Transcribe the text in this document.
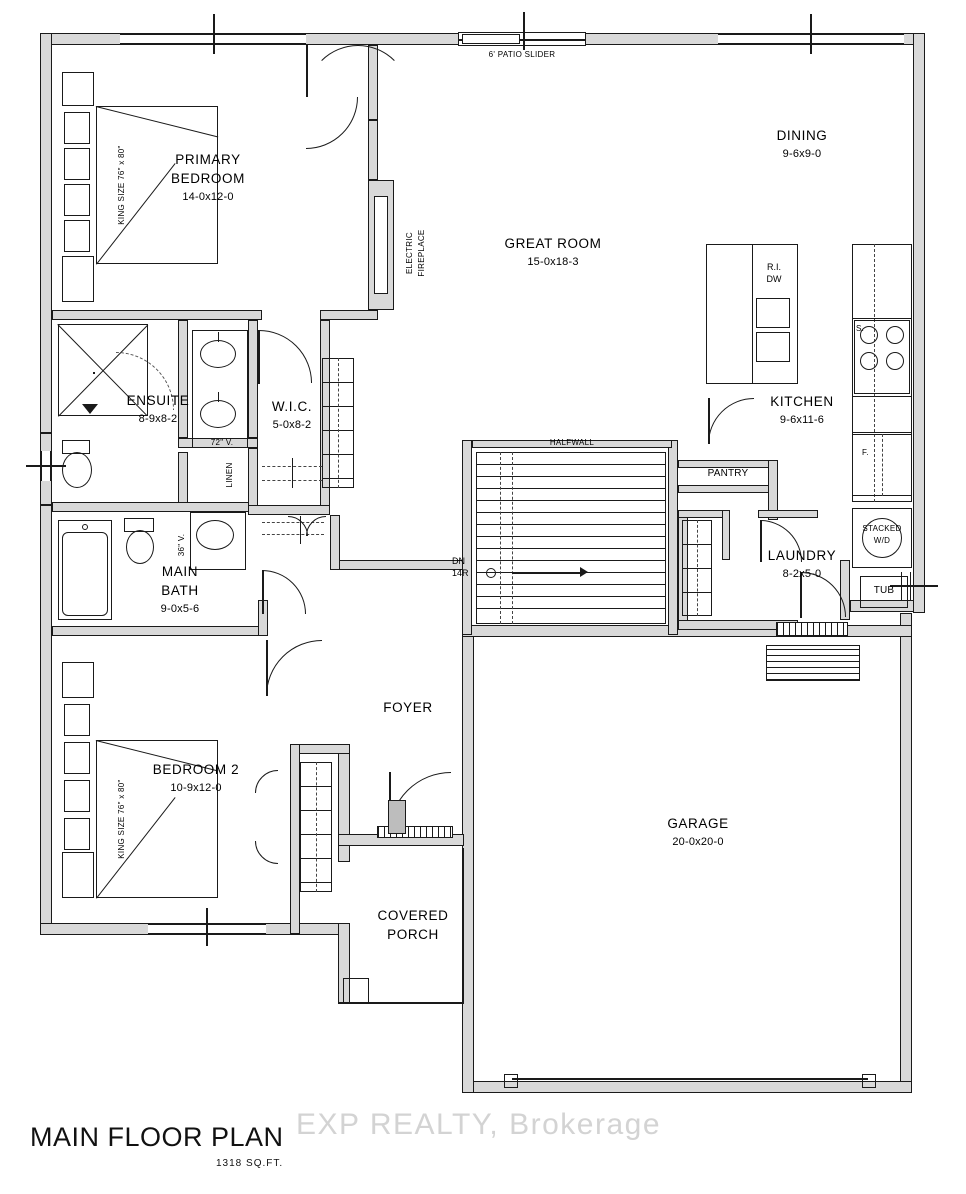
6' PATIO SLIDER
DN
14R
R.I.
DW
S.
F.
STACKED
W/D
TUB
PANTRY
HALFWALL
72" V.
LINEN
36" V.
KING SIZE 76" x 80"
KING SIZE 76" x 80"
PRIMARY
BEDROOM
14-0x12-0
ENSUITE
8-9x8-2
W.I.C.
5-0x8-2
MAIN
BATH
9-0x5-6
BEDROOM 2
10-9x12-0
GREAT ROOM
15-0x18-3
DINING
9-6x9-0
KITCHEN
9-6x11-6
LAUNDRY
8-2x5-0
GARAGE
20-0x20-0
FOYER
COVERED
PORCH
ELECTRIC FIREPLACE
EXP REALTY, Brokerage
MAIN FLOOR PLAN
1318 SQ.FT.
